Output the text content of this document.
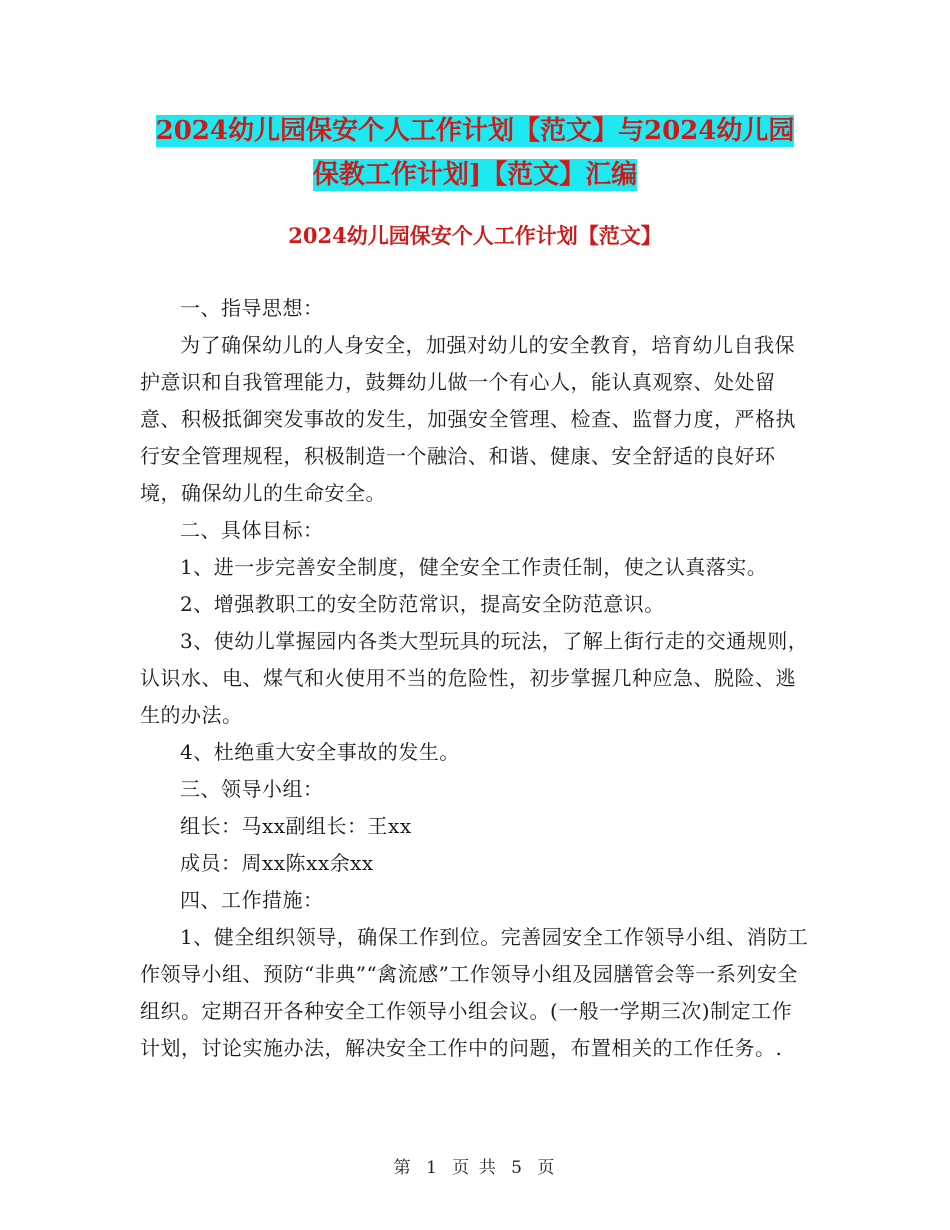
2024幼儿园保安个人工作计划【范文】与2024幼儿园
保教工作计划]【范文】汇编
2024幼儿园保安个人工作计划【范文】

一、指导思想：

为了确保幼儿的人身安全，加强对幼儿的安全教育，培育幼儿自我保护意识和自我管理能力，鼓舞幼儿做一个有心人，能认真观察、处处留意、积极抵御突发事故的发生，加强安全管理、检查、监督力度，严格执行安全管理规程，积极制造一个融洽、和谐、健康、安全舒适的良好环境，确保幼儿的生命安全。

二、具体目标：

1、进一步完善安全制度，健全安全工作责任制，使之认真落实。

2、增强教职工的安全防范常识，提高安全防范意识。

3、使幼儿掌握园内各类大型玩具的玩法，了解上街行走的交通规则，认识水、电、煤气和火使用不当的危险性，初步掌握几种应急、脱险、逃生的办法。

4、杜绝重大安全事故的发生。

三、领导小组：

组长：马xx副组长：王xx

成员：周xx陈xx余xx

四、工作措施：

1、健全组织领导，确保工作到位。完善园安全工作领导小组、消防工作领导小组、预防“非典”“禽流感”工作领导小组及园膳管会等一系列安全组织。定期召开各种安全工作领导小组会议。(一般一学期三次)制定工作计划，讨论实施办法，解决安全工作中的问题，布置相关的工作任务。.

第 1 页 共 5 页
